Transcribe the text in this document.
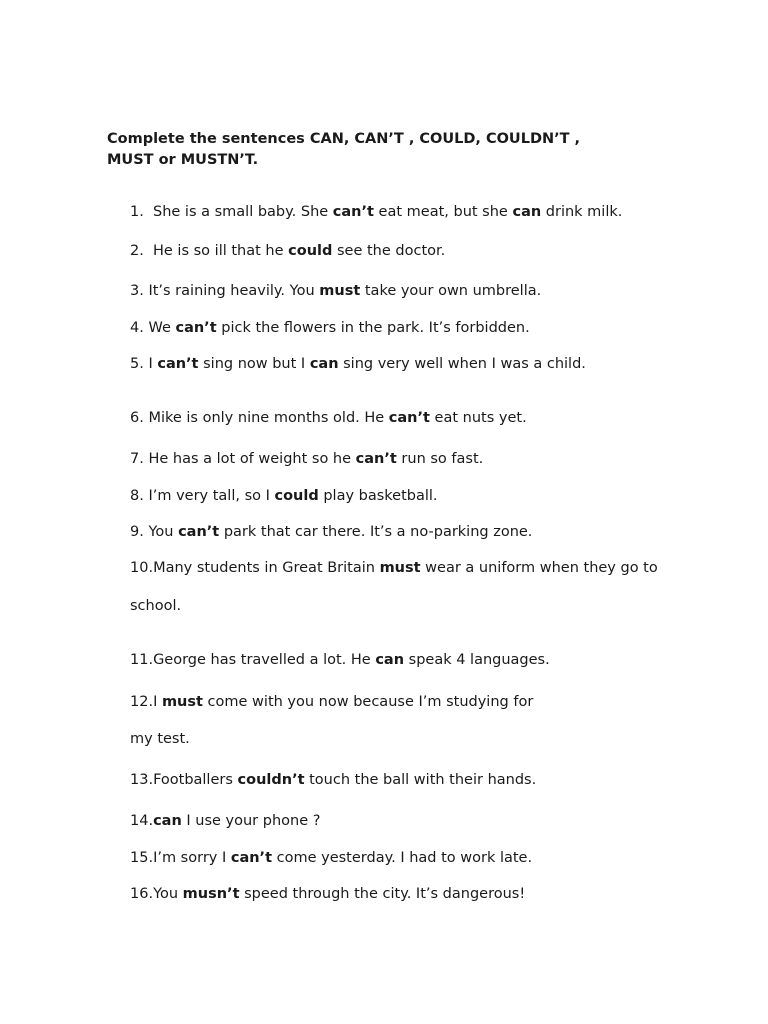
Complete the sentences CAN, CAN’T , COULD, COULDN’T , MUST or MUSTN’T.

1. She is a small baby. She can’t eat meat, but she can drink milk.
2. He is so ill that he could see the doctor.
3. It’s raining heavily. You must take your own umbrella.
4. We can’t pick the flowers in the park. It’s forbidden.
5. I can’t sing now but I can sing very well when I was a child.
6. Mike is only nine months old. He can’t eat nuts yet.
7. He has a lot of weight so he can’t run so fast.
8. I’m very tall, so I could play basketball.
9. You can’t park that car there. It’s a no-parking zone.
10.Many students in Great Britain must wear a uniform when they go to
school.
11.George has travelled a lot. He can speak 4 languages.
12.I must come with you now because I’m studying for
my test.
13.Footballers couldn’t touch the ball with their hands.
14.can I use your phone ?
15.I’m sorry I can’t come yesterday. I had to work late.
16.You musn’t speed through the city. It’s dangerous!
